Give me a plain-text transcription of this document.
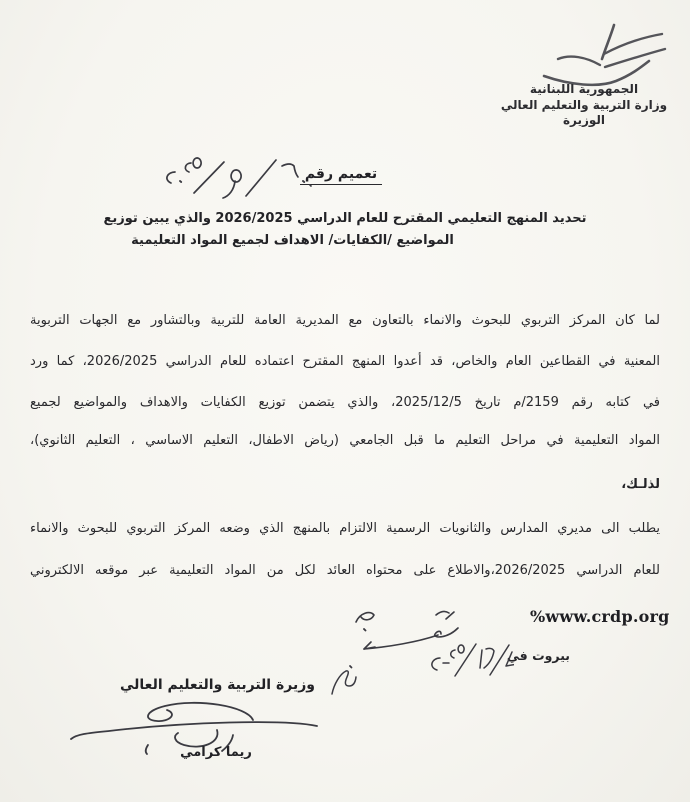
الجمهورية اللبنانية
وزارة التربية والتعليم العالي
الوزيرة
تعميم رقم
تحديد المنهج التعليمي المقترح للعام الدراسي 2026/2025 والذي يبين توزيع
المواضيع /الكفايات/ الاهداف لجميع المواد التعليمية
لما كان المركز التربوي للبحوث والانماء بالتعاون مع المديرية العامة للتربية وبالتشاور مع الجهات التربوية
المعنية في القطاعين العام والخاص، قد أعدوا المنهج المقترح اعتماده للعام الدراسي 2026/2025، كما ورد
في كتابه رقم 2159/م تاريخ 2025/12/5، والذي يتضمن توزيع الكفايات والاهداف والمواضيع لجميع
المواد التعليمية في مراحل التعليم ما قبل الجامعي (رياض الاطفال، التعليم الاساسي ، التعليم الثانوي)،
لذلـك،
يطلب الى مديري المدارس والثانويات الرسمية الالتزام بالمنهج الذي وضعه المركز التربوي للبحوث والانماء
للعام الدراسي 2026/2025،والاطلاع على محتواه العائد لكل من المواد التعليمية عبر موقعه الالكتروني
%www.crdp.org
بيروت في
وزيرة التربية والتعليم العالي
ريما كرامي
